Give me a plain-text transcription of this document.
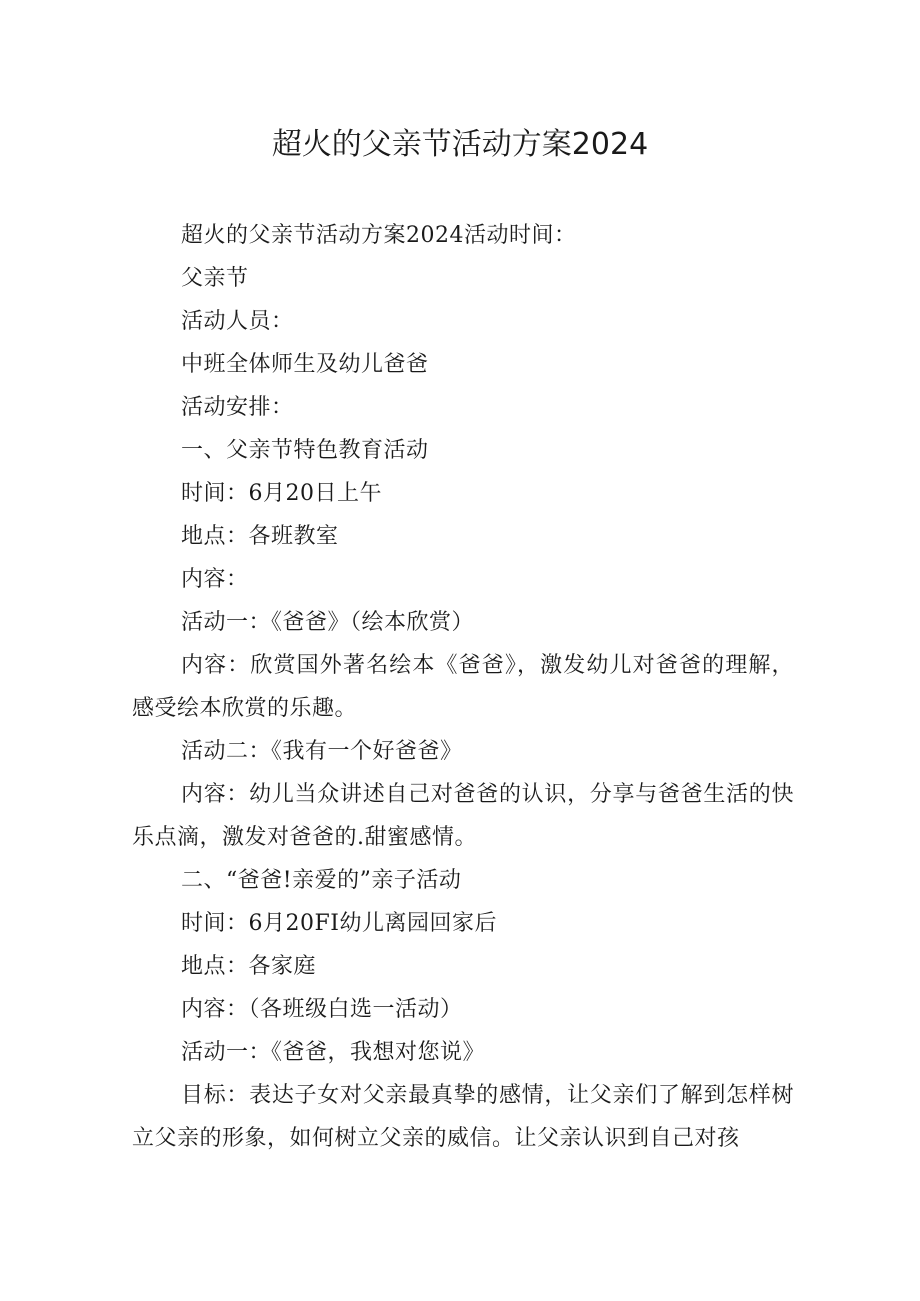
超火的父亲节活动方案2024

超火的父亲节活动方案2024活动时间：

父亲节

活动人员：

中班全体师生及幼儿爸爸

活动安排：

一、父亲节特色教育活动

时间：6月20日上午

地点：各班教室

内容：

活动一：《爸爸》（绘本欣赏）

内容：欣赏国外著名绘本《爸爸》，激发幼儿对爸爸的理解，感受绘本欣赏的乐趣。

活动二：《我有一个好爸爸》

内容：幼儿当众讲述自己对爸爸的认识，分享与爸爸生活的快乐点滴，激发对爸爸的.甜蜜感情。

二、“爸爸!亲爱的”亲子活动

时间：6月20FI幼儿离园回家后

地点：各家庭

内容：（各班级白选一活动）

活动一：《爸爸，我想对您说》

目标：表达子女对父亲最真挚的感情，让父亲们了解到怎样树立父亲的形象，如何树立父亲的威信。让父亲认识到自己对孩
